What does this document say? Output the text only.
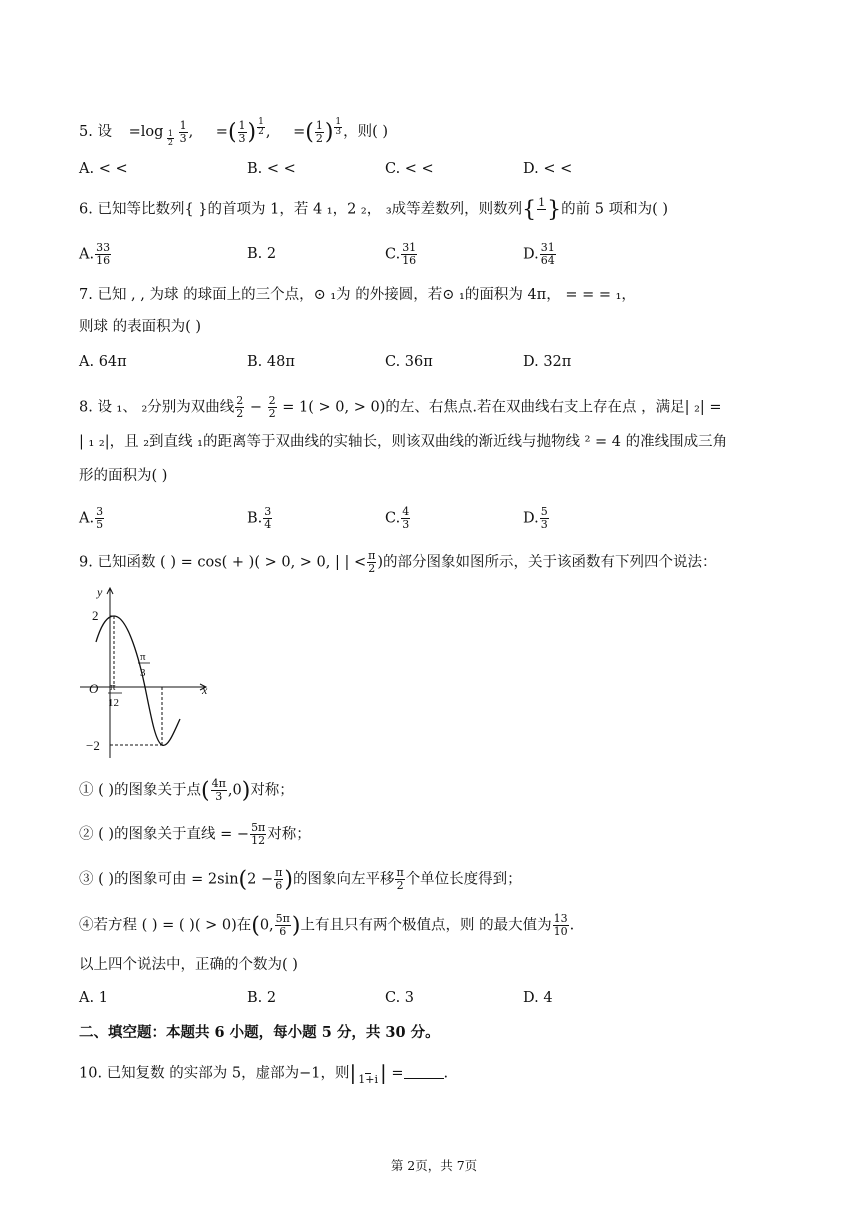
5. 设 =log $_{\frac{1}{2}}$
$\frac{1}{3}$ , =( $\frac{1}{3}$ ) $\frac{1}{2}$ , =( $\frac{1}{2}$ ) $\frac{1}{3}$ ，则( )
A. < <	B. < <	C. < <	D. < <
6. 已知等比数列{ }的首项为 1，若 4 ₁，2 ₂， ₃成等差数列，则数列{ 1
}的前 5 项和为( )
A. $\frac{33}{16}$	B. 2	C. $\frac{31}{16}$	D. $\frac{31}{64}$
7. 已知 , , 为球 的球面上的三个点，⊙ ₁为 的外接圆，若⊙ ₁的面积为 4π， = = = ₁，
则球 的表面积为( )
A. 64π	B. 48π	C. 36π	D. 32π
8. 设 ₁、 ₂分别为双曲线 $\frac{2}{2} - \frac{2}{2} = 1( > 0$, > 0)的左、右焦点.若在双曲线右支上存在点 ，满足| ₂| =
| ₁ ₂|，且 ₂到直线 ₁的距离等于双曲线的实轴长，则该双曲线的渐近线与抛物线 ² = 4 的准线围成三角
形的面积为( )
A. $\frac{3}{5}$	B. $\frac{3}{4}$	C. $\frac{4}{3}$	D. $\frac{5}{3}$
9. 已知函数 ( ) = cos( + )( > 0, > 0, | | < $\frac{\pi}{2}$ )的部分图象如图所示，关于该函数有下列四个说法：
y
x
O
2
−2
π
12
π
3
① ( )的图象关于点( $\frac{4\pi}{3} ,0$)对称；
② ( )的图象关于直线 = − $\frac{5\pi}{12}$ 对称；
③ ( )的图象可由 = $2\sin(2 - \frac{\pi}{6}$ )的图象向左平移 $\frac{\pi}{2}$ 个单位长度得到；
④若方程 ( ) = ( )( > 0)在(0, $\frac{5\pi}{6}$ )上有且只有两个极值点，则 的最大值为 $\frac{13}{10}$ .
以上四个说法中，正确的个数为( )
A. 1	B. 2	C. 3	D. 4
二、填空题：本题共 6 小题，每小题 5 分，共 30 分。
10. 已知复数 的实部为 5，虚部为−1，则|
1+i | =	.
第 2页，共 7页
